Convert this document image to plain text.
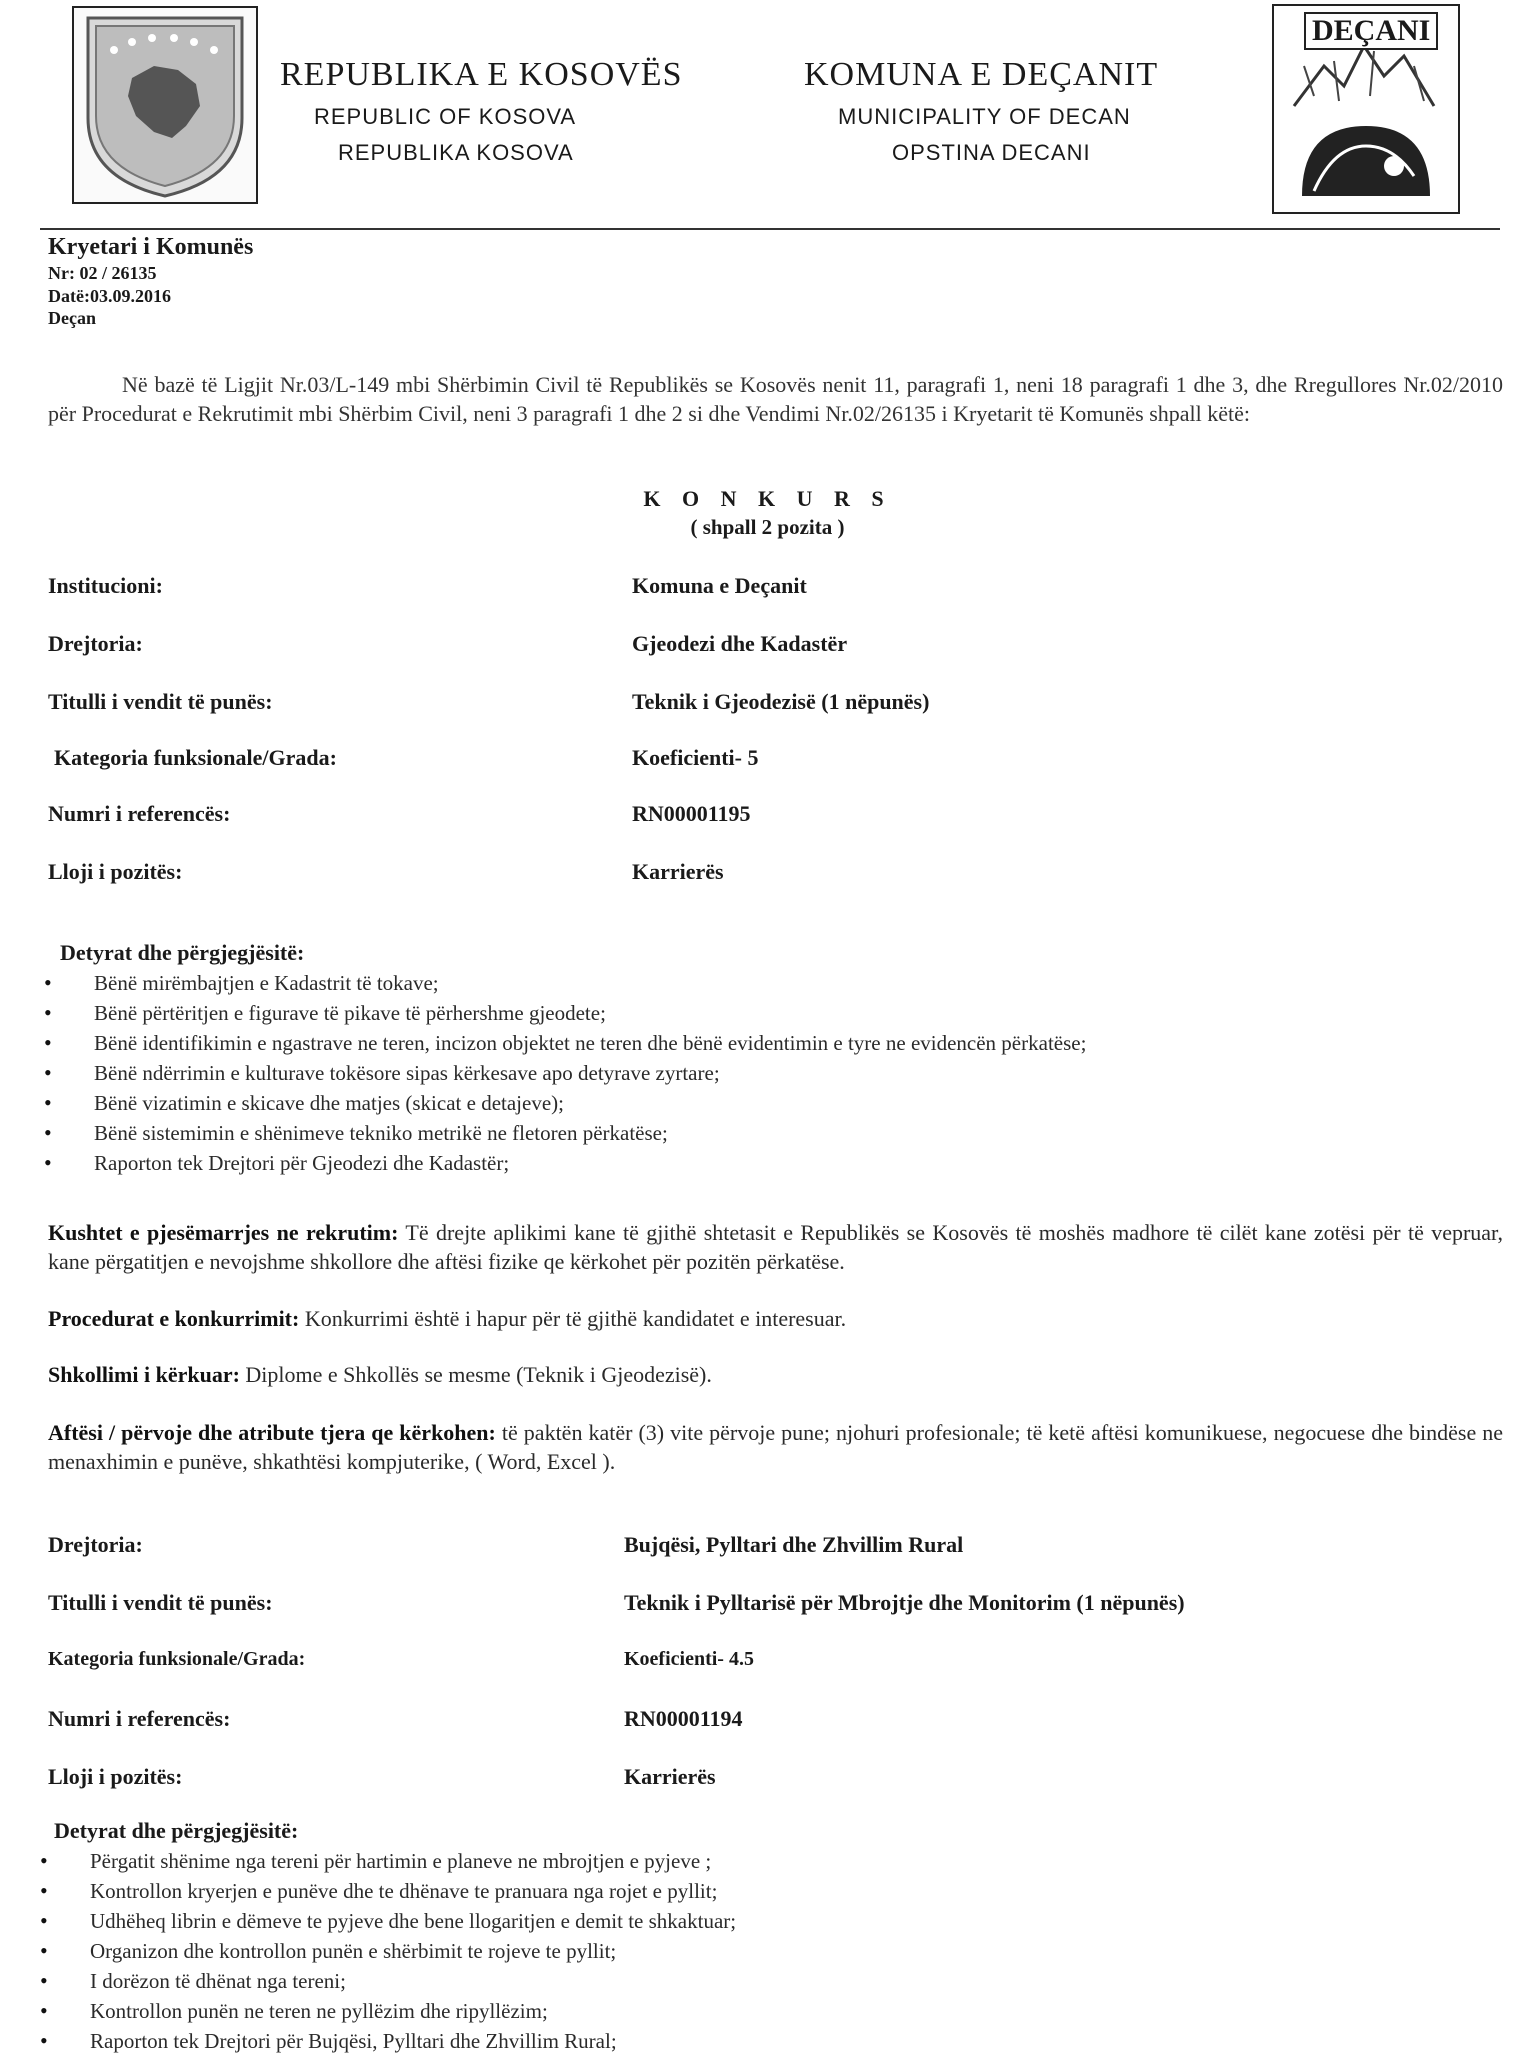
REPUBLIKA E KOSOVËS
REPUBLIC OF KOSOVA
REPUBLIKA KOSOVA
KOMUNA E DEÇANIT
MUNICIPALITY OF DECAN
OPSTINA DECANI
DEÇANI
Kryetari i Komunës
Nr: 02 / 26135
Datë:03.09.2016
Deçan
Në bazë të Ligjit Nr.03/L-149 mbi Shërbimin Civil të Republikës se Kosovës nenit 11, paragrafi 1, neni 18 paragrafi 1 dhe 3, dhe Rregullores Nr.02/2010 për Procedurat e Rekrutimit mbi Shërbim Civil, neni 3 paragrafi 1 dhe 2 si dhe Vendimi Nr.02/26135 i Kryetarit të Komunës shpall këtë:
K O N K U R S
( shpall 2 pozita )
Institucioni:	Komuna e Deçanit
Drejtoria:	Gjeodezi dhe Kadastër
Titulli i vendit të punës:	Teknik i Gjeodezisë (1 nëpunës)
Kategoria funksionale/Grada:	Koeficienti- 5
Numri i referencës:	RN00001195
Lloji i pozitës:	Karrierës
Detyrat dhe përgjegjësitë:
• Bënë mirëmbajtjen e Kadastrit të tokave;
• Bënë përtëritjen e figurave të pikave të përhershme gjeodete;
• Bënë identifikimin e ngastrave ne teren, incizon objektet ne teren dhe bënë evidentimin e tyre ne evidencën përkatëse;
• Bënë ndërrimin e kulturave tokësore sipas kërkesave apo detyrave zyrtare;
• Bënë vizatimin e skicave dhe matjes (skicat e detajeve);
• Bënë sistemimin e shënimeve tekniko metrikë ne fletoren përkatëse;
• Raporton tek Drejtori për Gjeodezi dhe Kadastër;
Kushtet e pjesëmarrjes ne rekrutim: Të drejte aplikimi kane të gjithë shtetasit e Republikës se Kosovës të moshës madhore të cilët kane zotësi për të vepruar, kane përgatitjen e nevojshme shkollore dhe aftësi fizike qe kërkohet për pozitën përkatëse.
Procedurat e konkurrimit: Konkurrimi është i hapur për të gjithë kandidatet e interesuar.
Shkollimi i kërkuar: Diplome e Shkollës se mesme (Teknik i Gjeodezisë).
Aftësi / përvoje dhe atribute tjera qe kërkohen: të paktën katër (3) vite përvoje pune; njohuri profesionale; të ketë aftësi komunikuese, negocuese dhe bindëse ne menaxhimin e punëve, shkathtësi kompjuterike, ( Word, Excel ).
Drejtoria:	Bujqësi, Pylltari dhe Zhvillim Rural
Titulli i vendit të punës:	Teknik i Pylltarisë për Mbrojtje dhe Monitorim (1 nëpunës)
Kategoria funksionale/Grada:	Koeficienti- 4.5
Numri i referencës:	RN00001194
Lloji i pozitës:	Karrierës
Detyrat dhe përgjegjësitë:
• Përgatit shënime nga tereni për hartimin e planeve ne mbrojtjen e pyjeve ;
• Kontrollon kryerjen e punëve dhe te dhënave te pranuara nga rojet e pyllit;
• Udhëheq librin e dëmeve te pyjeve dhe bene llogaritjen e demit te shkaktuar;
• Organizon dhe kontrollon punën e shërbimit te rojeve te pyllit;
• I dorëzon të dhënat nga tereni;
• Kontrollon punën ne teren ne pyllëzim dhe ripyllëzim;
• Raporton tek Drejtori për Bujqësi, Pylltari dhe Zhvillim Rural;
